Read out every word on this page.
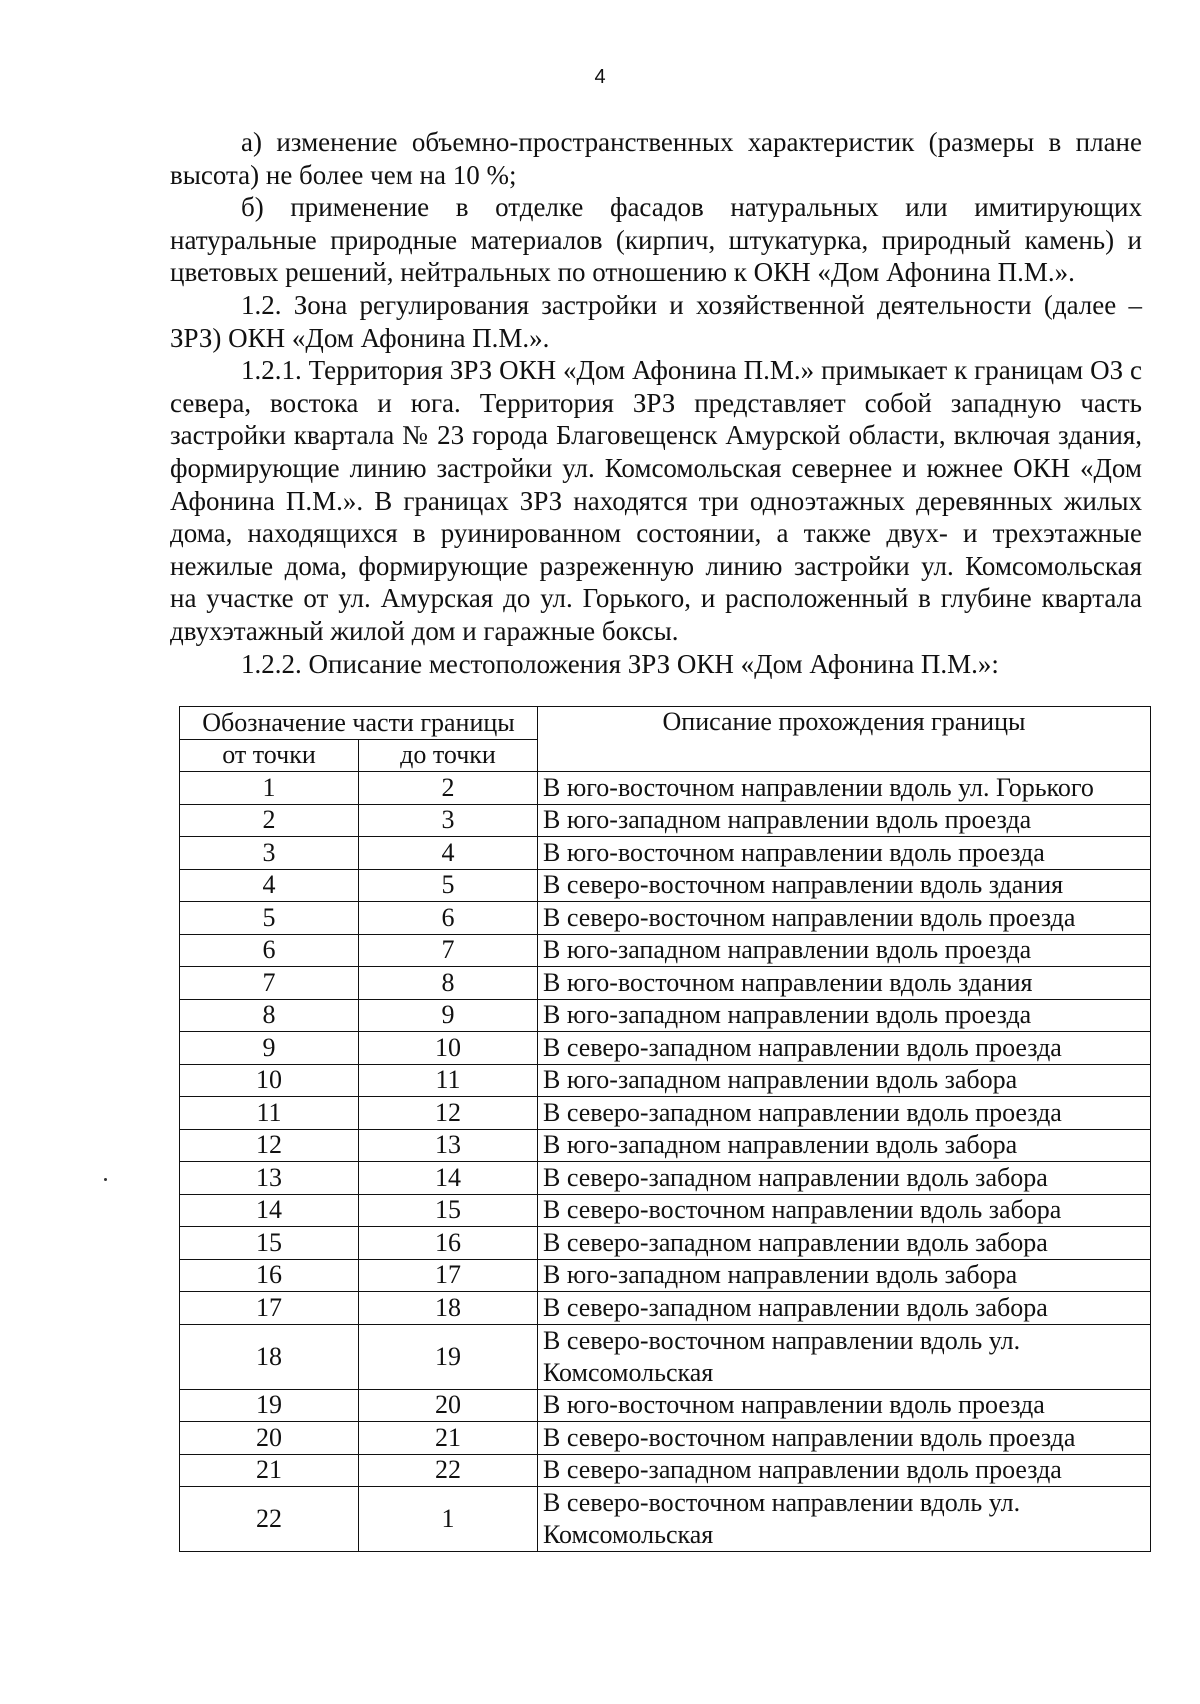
4

а) изменение объемно-пространственных характеристик (размеры в плане высота) не более чем на 10 %;

б) применение в отделке фасадов натуральных или имитирующих натуральные природные материалов (кирпич, штукатурка, природный камень) и цветовых решений, нейтральных по отношению к ОКН «Дом Афонина П.М.».

1.2. Зона регулирования застройки и хозяйственной деятельности (далее – ЗРЗ) ОКН «Дом Афонина П.М.».

1.2.1. Территория ЗРЗ ОКН «Дом Афонина П.М.» примыкает к границам ОЗ с севера, востока и юга. Территория ЗРЗ представляет собой западную часть застройки квартала № 23 города Благовещенск Амурской области, включая здания, формирующие линию застройки ул. Комсомольская севернее и южнее ОКН «Дом Афонина П.М.». В границах ЗРЗ находятся три одноэтажных деревянных жилых дома, находящихся в руинированном состоянии, а также двух- и трехэтажные нежилые дома, формирующие разреженную линию застройки ул. Комсомольская на участке от ул. Амурская до ул. Горького, и расположенный в глубине квартала двухэтажный жилой дом и гаражные боксы.

1.2.2. Описание местоположения ЗРЗ ОКН «Дом Афонина П.М.»:

Обозначение части границы		Описание прохождения границы
от точки	до точки	
1	2	В юго-восточном направлении вдоль ул. Горького
2	3	В юго-западном направлении вдоль проезда
3	4	В юго-восточном направлении вдоль проезда
4	5	В северо-восточном направлении вдоль здания
5	6	В северо-восточном направлении вдоль проезда
6	7	В юго-западном направлении вдоль проезда
7	8	В юго-восточном направлении вдоль здания
8	9	В юго-западном направлении вдоль проезда
9	10	В северо-западном направлении вдоль проезда
10	11	В юго-западном направлении вдоль забора
11	12	В северо-западном направлении вдоль проезда
12	13	В юго-западном направлении вдоль забора
13	14	В северо-западном направлении вдоль забора
14	15	В северо-восточном направлении вдоль забора
15	16	В северо-западном направлении вдоль забора
16	17	В юго-западном направлении вдоль забора
17	18	В северо-западном направлении вдоль забора
18	19	В северо-восточном направлении вдоль ул. Комсомольская
19	20	В юго-восточном направлении вдоль проезда
20	21	В северо-восточном направлении вдоль проезда
21	22	В северо-западном направлении вдоль проезда
22	1	В северо-восточном направлении вдоль ул. Комсомольская
